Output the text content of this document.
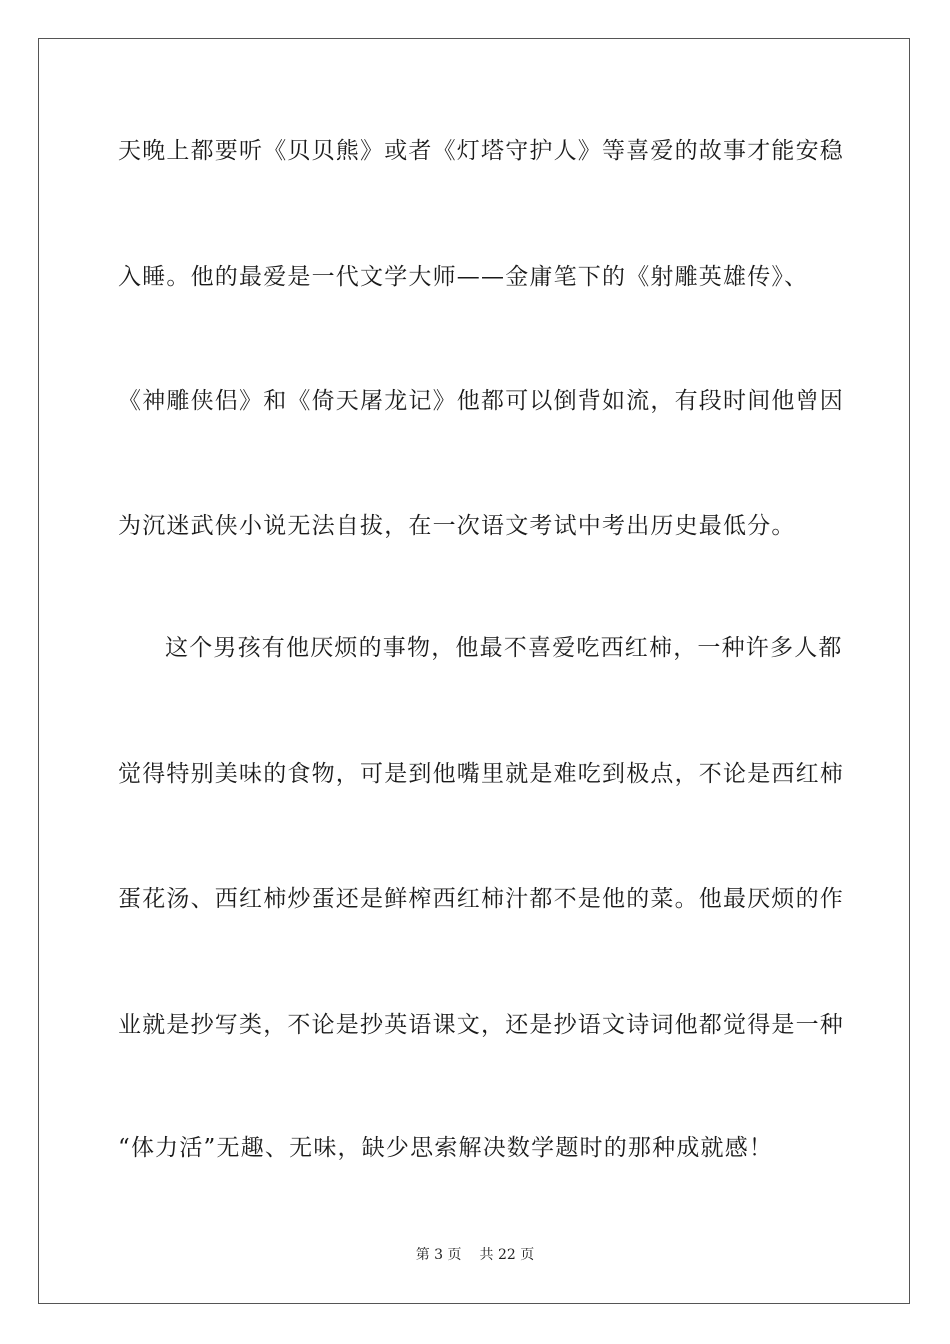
天晚上都要听《贝贝熊》或者《灯塔守护人》等喜爱的故事才能安稳
入睡。他的最爱是一代文学大师——金庸笔下的《射雕英雄传》、
《神雕侠侣》和《倚天屠龙记》他都可以倒背如流，有段时间他曾因
为沉迷武侠小说无法自拔，在一次语文考试中考出历史最低分。
这个男孩有他厌烦的事物，他最不喜爱吃西红柿，一种许多人都
觉得特别美味的食物，可是到他嘴里就是难吃到极点，不论是西红柿
蛋花汤、西红柿炒蛋还是鲜榨西红柿汁都不是他的菜。他最厌烦的作
业就是抄写类，不论是抄英语课文，还是抄语文诗词他都觉得是一种
“体力活”无趣、无味，缺少思索解决数学题时的那种成就感！
第 3 页 共 22 页
